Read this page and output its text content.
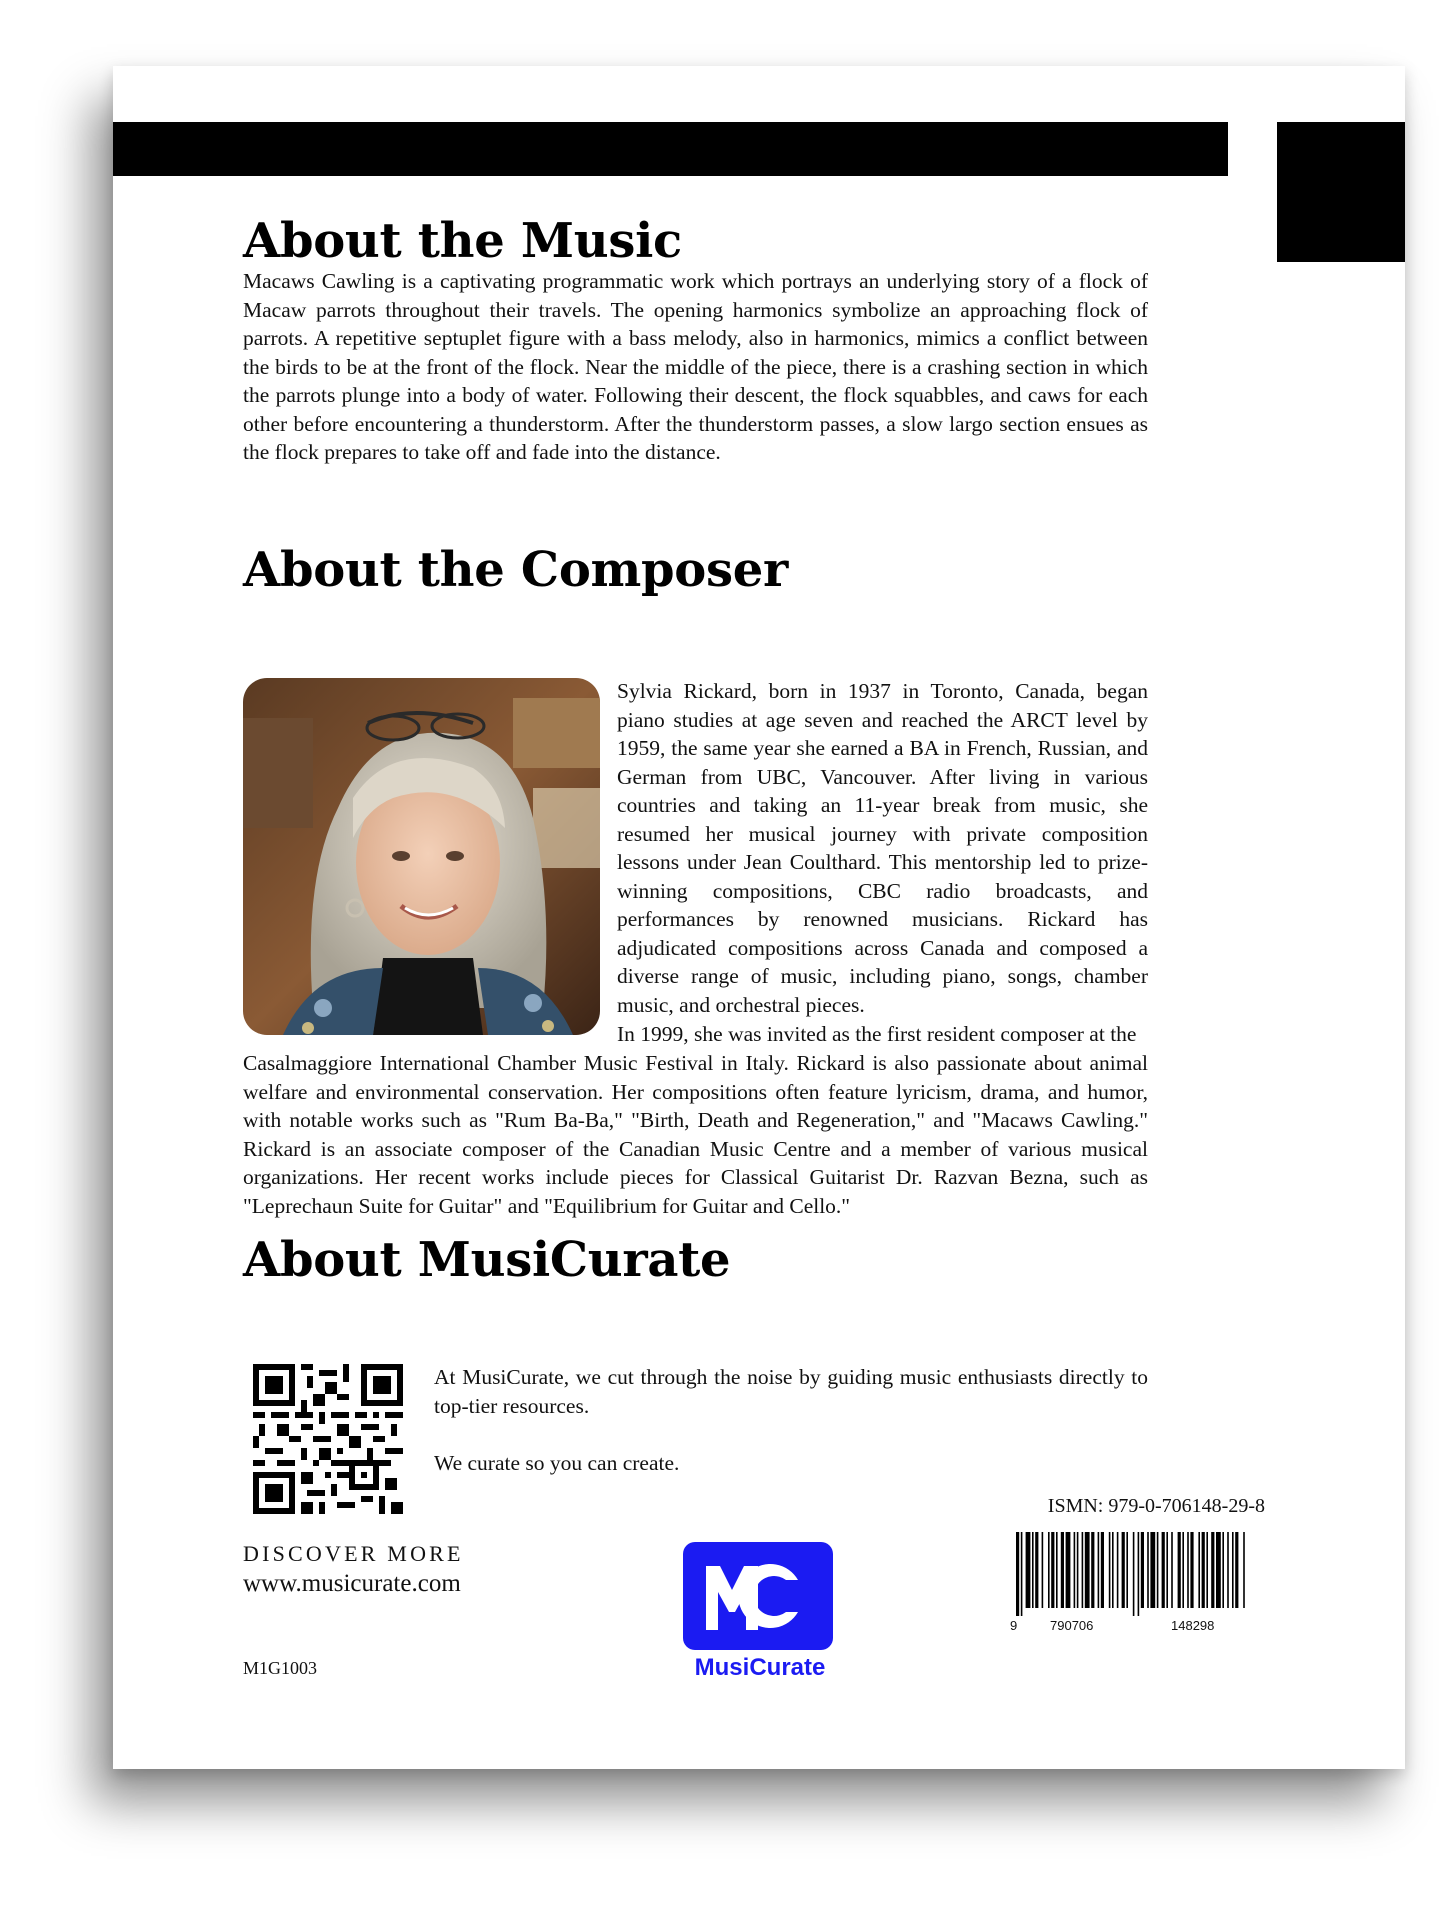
About the Music

Macaws Cawling is a captivating programmatic work which portrays an underlying story of a flock of Macaw parrots throughout their travels. The opening harmonics symbolize an approaching flock of parrots. A repetitive septuplet figure with a bass melody, also in harmonics, mimics a conflict between the birds to be at the front of the flock. Near the middle of the piece, there is a crashing section in which the parrots plunge into a body of water. Following their descent, the flock squabbles, and caws for each other before encountering a thunderstorm. After the thunderstorm passes, a slow largo section ensues as the flock prepares to take off and fade into the distance.

About the Composer

Sylvia Rickard, born in 1937 in Toronto, Canada, began piano studies at age seven and reached the ARCT level by 1959, the same year she earned a BA in French, Russian, and German from UBC, Vancouver. After living in various countries and taking an 11-year break from music, she resumed her musical journey with private composition lessons under Jean Coulthard. This mentorship led to prize-winning compositions, CBC radio broadcasts, and performances by renowned musicians. Rickard has adjudicated compositions across Canada and composed a diverse range of music, including piano, songs, chamber music, and orchestral pieces.

In 1999, she was invited as the first resident composer at the

Casalmaggiore International Chamber Music Festival in Italy. Rickard is also passionate about animal welfare and environmental conservation. Her compositions often feature lyricism, drama, and humor, with notable works such as "Rum Ba-Ba," "Birth, Death and Regeneration," and "Macaws Cawling." Rickard is an associate composer of the Canadian Music Centre and a member of various musical organizations. Her recent works include pieces for Classical Guitarist Dr. Razvan Bezna, such as "Leprechaun Suite for Guitar" and "Equilibrium for Guitar and Cello."

About MusiCurate

At MusiCurate, we cut through the noise by guiding music enthusiasts directly to top-tier resources.

We curate so you can create.

DISCOVER MORE

www.musicurate.com

M1G1003	MusiCurate

ISMN: 979-0-706148-29-8

9	790706	148298
